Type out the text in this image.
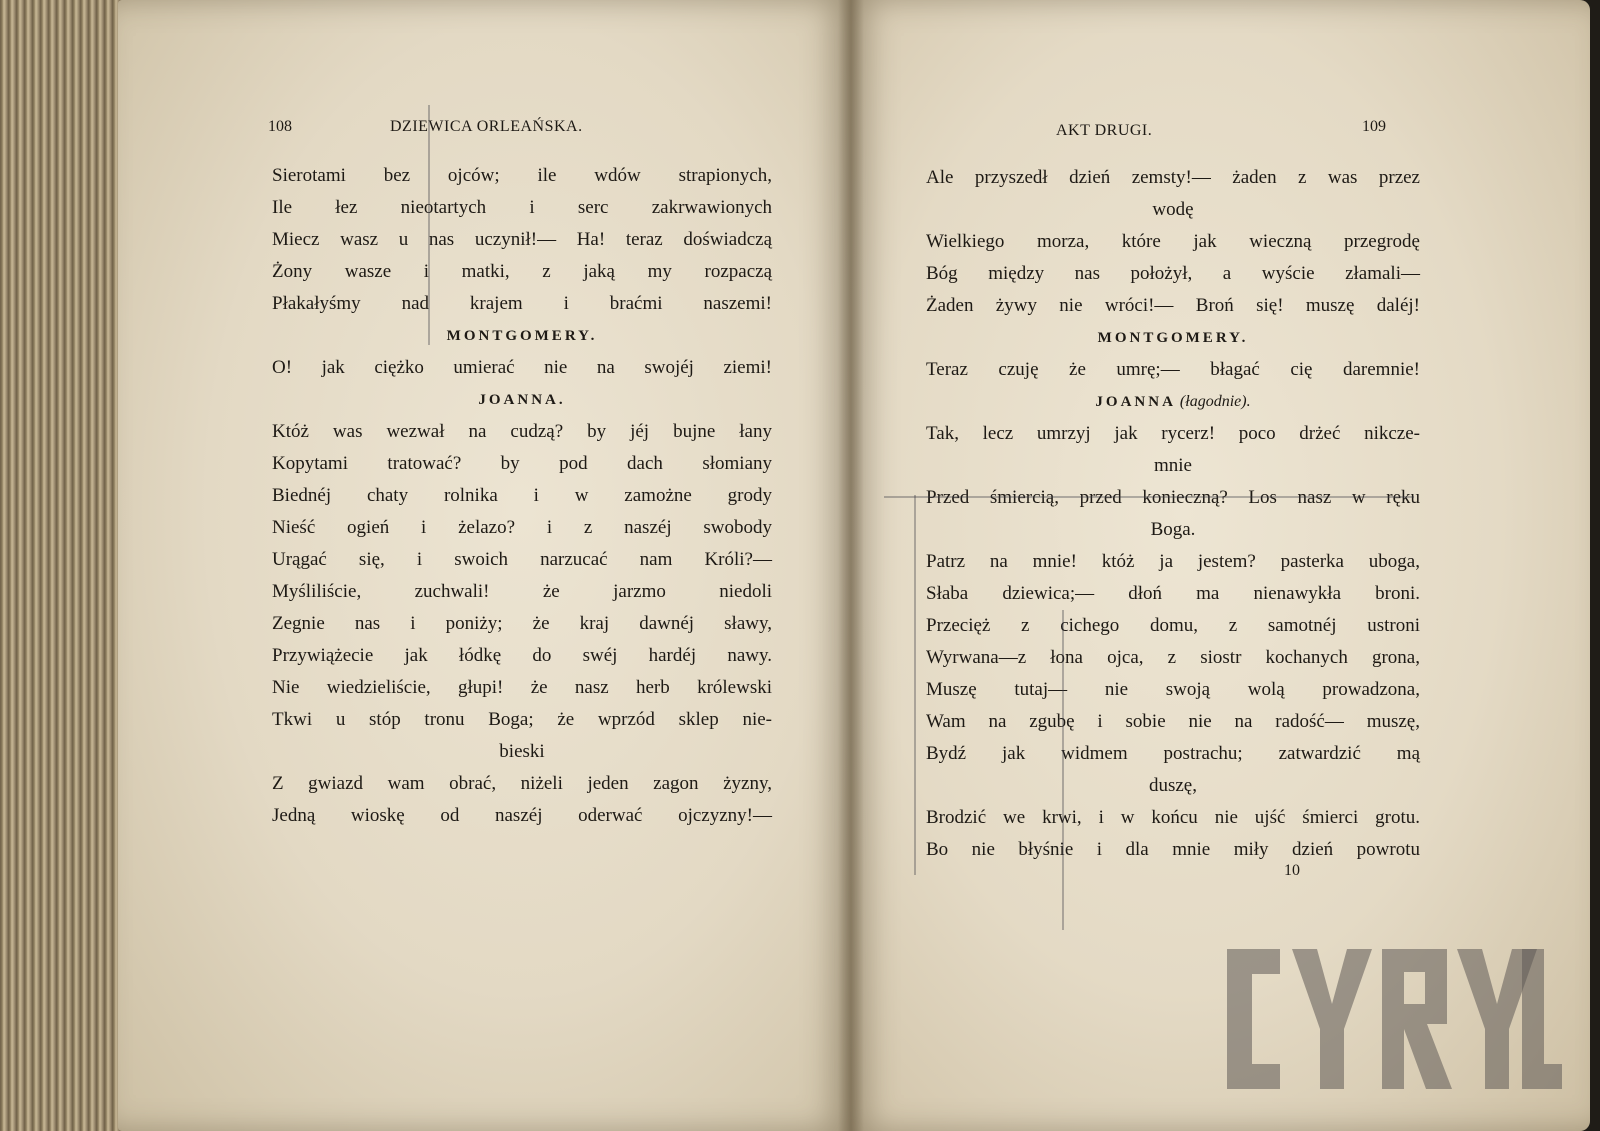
108	DZIEWICA ORLEAŃSKA.
Sierotami bez ojców; ile wdów strapionych,
Ile łez nieotartych i serc zakrwawionych
Miecz wasz u nas uczynił!— Ha! teraz doświadczą
Żony wasze i matki, z jaką my rozpaczą
Płakałyśmy nad krajem i braćmi naszemi!
MONTGOMERY.
O! jak ciężko umierać nie na swojéj ziemi!
JOANNA.
Któż was wezwał na cudzą? by jéj bujne łany
Kopytami tratować? by pod dach słomiany
Biednéj chaty rolnika i w zamożne grody
Nieść ogień i żelazo? i z naszéj swobody
Urągać się, i swoich narzucać nam Króli?—
Myśliliście, zuchwali! że jarzmo niedoli
Zegnie nas i poniży; że kraj dawnéj sławy,
Przywiążecie jak łódkę do swéj hardéj nawy.
Nie wiedzieliście, głupi! że nasz herb królewski
Tkwi u stóp tronu Boga; że wprzód sklep nie-
bieski
Z gwiazd wam obrać, niżeli jeden zagon żyzny,
Jedną wioskę od naszéj oderwać ojczyzny!—
AKT DRUGI.	109
Ale przyszedł dzień zemsty!— żaden z was przez
wodę
Wielkiego morza, które jak wieczną przegrodę
Bóg między nas położył, a wyście złamali—
Żaden żywy nie wróci!— Broń się! muszę daléj!
MONTGOMERY.
Teraz czuję że umrę;— błagać cię daremnie!
JOANNA (łagodnie).
Tak, lecz umrzyj jak rycerz! poco drżeć nikcze-
mnie
Przed śmiercią, przed konieczną? Los nasz w ręku
Boga.
Patrz na mnie! któż ja jestem? pasterka uboga,
Słaba dziewica;— dłoń ma nienawykła broni.
Przecięż z cichego domu, z samotnéj ustroni
Wyrwana—z łona ojca, z siostr kochanych grona,
Muszę tutaj— nie swoją wolą prowadzona,
Wam na zgubę i sobie nie na radość— muszę,
Bydź jak widmem postrachu; zatwardzić mą
duszę,
Brodzić we krwi, i w końcu nie ujść śmierci grotu.
Bo nie błyśnie i dla mnie miły dzień powrotu
10
